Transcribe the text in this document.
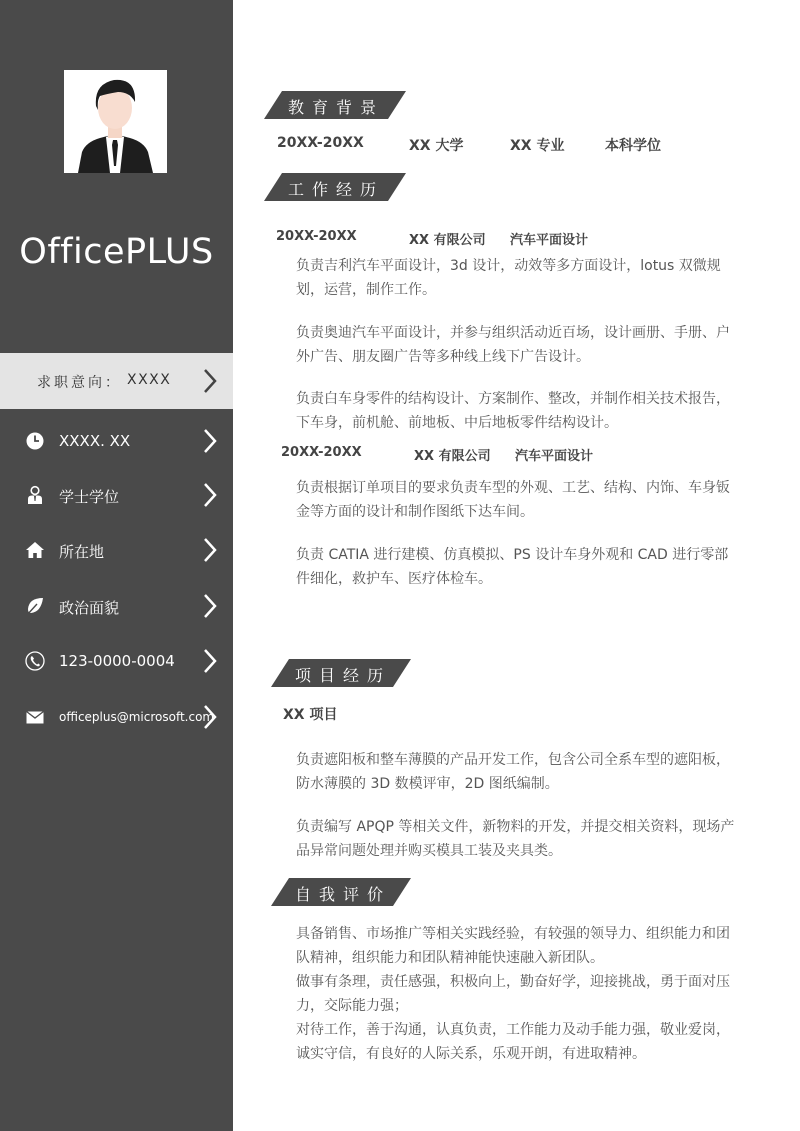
OfficePLUS
求职意向： XXXX
XXXX. XX
学士学位
所在地
政治面貌
123-0000-0004
officeplus@microsoft.com
教育背景
20XX-20XX	XX 大学	XX 专业	本科学位
工作经历
20XX-20XX	XX 有限公司 汽车平面设计

负责吉利汽车平面设计，3d 设计，动效等多方面设计，lotus 双微规划，运营，制作工作。

负责奥迪汽车平面设计，并参与组织活动近百场，设计画册、手册、户外广告、朋友圈广告等多种线上线下广告设计。

负责白车身零件的结构设计、方案制作、整改，并制作相关技术报告，下车身，前机舱、前地板、中后地板零件结构设计。

20XX-20XX	XX 有限公司 汽车平面设计

负责根据订单项目的要求负责车型的外观、工艺、结构、内饰、车身钣金等方面的设计和制作图纸下达车间。

负责 CATIA 进行建模、仿真模拟、PS 设计车身外观和 CAD 进行零部件细化，救护车、医疗体检车。

项目经历
XX 项目

负责遮阳板和整车薄膜的产品开发工作，包含公司全系车型的遮阳板，防水薄膜的 3D 数模评审，2D 图纸编制。

负责编写 APQP 等相关文件，新物料的开发，并提交相关资料，现场产品异常问题处理并购买模具工装及夹具类。

自我评价

具备销售、市场推广等相关实践经验，有较强的领导力、组织能力和团队精神，组织能力和团队精神能快速融入新团队。

做事有条理，责任感强，积极向上，勤奋好学，迎接挑战，勇于面对压力，交际能力强；

对待工作，善于沟通，认真负责，工作能力及动手能力强，敬业爱岗，诚实守信，有良好的人际关系，乐观开朗，有进取精神。
